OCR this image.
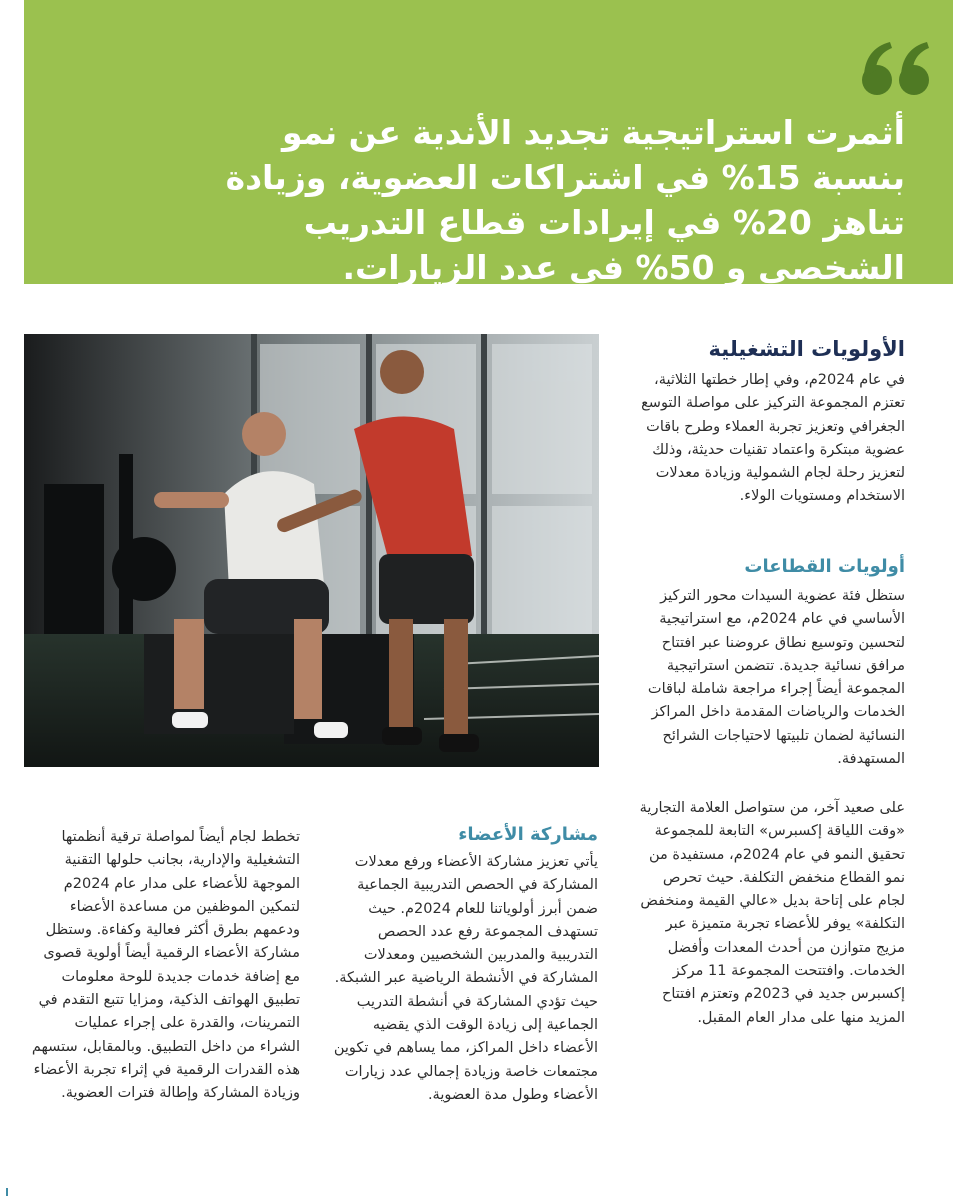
أثمرت استراتيجية تجديد الأندية عن نمو بنسبة 15% في اشتراكات العضوية، وزيادة تناهز 20% في إيرادات قطاع التدريب الشخصي و 50% في عدد الزيارات.

الأولويات التشغيلية

في عام 2024م، وفي إطار خطتها الثلاثية، تعتزم المجموعة التركيز على مواصلة التوسع الجغرافي وتعزيز تجربة العملاء وطرح باقات عضوية مبتكرة واعتماد تقنيات حديثة، وذلك لتعزيز رحلة لجام الشمولية وزيادة معدلات الاستخدام ومستويات الولاء.

أولويات القطاعات

ستظل فئة عضوية السيدات محور التركيز الأساسي في عام 2024م، مع استراتيجية لتحسين وتوسيع نطاق عروضنا عبر افتتاح مرافق نسائية جديدة. تتضمن استراتيجية المجموعة أيضاً إجراء مراجعة شاملة لباقات الخدمات والرياضات المقدمة داخل المراكز النسائية لضمان تلبيتها لاحتياجات الشرائح المستهدفة.

على صعيد آخر، من ستواصل العلامة التجارية «وقت اللياقة إكسبرس» التابعة للمجموعة تحقيق النمو في عام 2024م، مستفيدة من نمو القطاع منخفض التكلفة. حيث تحرص لجام على إتاحة بديل «عالي القيمة ومنخفض التكلفة» يوفر للأعضاء تجربة متميزة عبر مزيج متوازن من أحدث المعدات وأفضل الخدمات. وافتتحت المجموعة 11 مركز إكسبرس جديد في 2023م وتعتزم افتتاح المزيد منها على مدار العام المقبل.

مشاركة الأعضاء

يأتي تعزيز مشاركة الأعضاء ورفع معدلات المشاركة في الحصص التدريبية الجماعية ضمن أبرز أولوياتنا للعام 2024م. حيث تستهدف المجموعة رفع عدد الحصص التدريبية والمدربين الشخصيين ومعدلات المشاركة في الأنشطة الرياضية عبر الشبكة. حيث تؤدي المشاركة في أنشطة التدريب الجماعية إلى زيادة الوقت الذي يقضيه الأعضاء داخل المراكز، مما يساهم في تكوين مجتمعات خاصة وزيادة إجمالي عدد زيارات الأعضاء وطول مدة العضوية.

تخطط لجام أيضاً لمواصلة ترقية أنظمتها التشغيلية والإدارية، بجانب حلولها التقنية الموجهة للأعضاء على مدار عام 2024م لتمكين الموظفين من مساعدة الأعضاء ودعمهم بطرق أكثر فعالية وكفاءة. وستظل مشاركة الأعضاء الرقمية أيضاً أولوية قصوى مع إضافة خدمات جديدة للوحة معلومات تطبيق الهواتف الذكية، ومزايا تتبع التقدم في التمرينات، والقدرة على إجراء عمليات الشراء من داخل التطبيق. وبالمقابل، ستسهم هذه القدرات الرقمية في إثراء تجربة الأعضاء وزيادة المشاركة وإطالة فترات العضوية.
